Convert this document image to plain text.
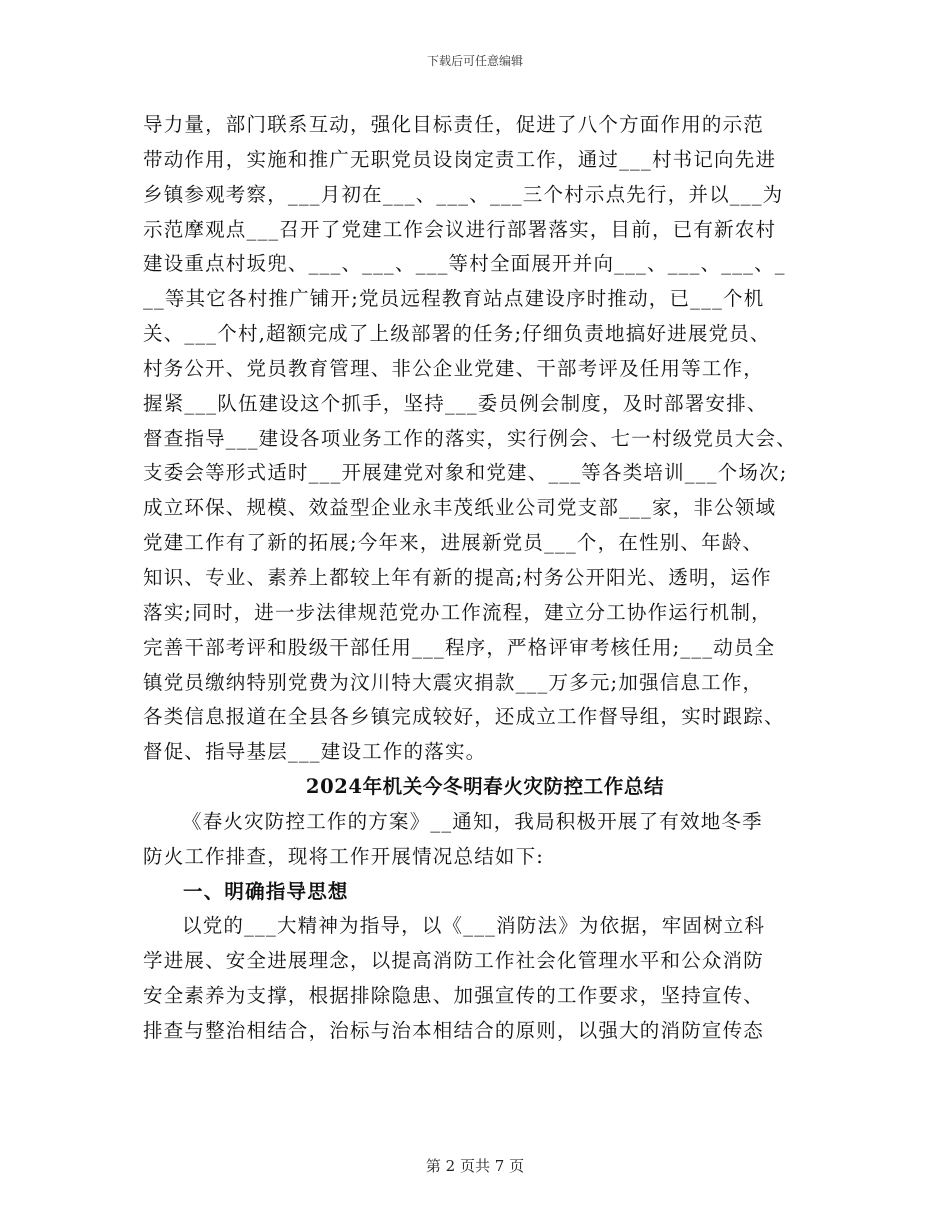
下载后可任意编辑
导力量，部门联系互动，强化目标责任，促进了八个方面作用的示范
带动作用，实施和推广无职党员设岗定责工作，通过___村书记向先进
乡镇参观考察，___月初在___、___、___三个村示点先行，并以___为
示范摩观点___召开了党建工作会议进行部署落实，目前，已有新农村
建设重点村坂兜、___、___、___等村全面展开并向___、___、___、_
__等其它各村推广铺开;党员远程教育站点建设序时推动，已___个机
关、___个村,超额完成了上级部署的任务;仔细负责地搞好进展党员、
村务公开、党员教育管理、非公企业党建、干部考评及任用等工作，
握紧___队伍建设这个抓手，坚持___委员例会制度，及时部署安排、
督查指导___建设各项业务工作的落实，实行例会、七一村级党员大会、
支委会等形式适时___开展建党对象和党建、___等各类培训___个场次;
成立环保、规模、效益型企业永丰茂纸业公司党支部___家，非公领域
党建工作有了新的拓展;今年来，进展新党员___个，在性别、年龄、
知识、专业、素养上都较上年有新的提高;村务公开阳光、透明，运作
落实;同时，进一步法律规范党办工作流程，建立分工协作运行机制，
完善干部考评和股级干部任用___程序，严格评审考核任用;___动员全
镇党员缴纳特别党费为汶川特大震灾捐款___万多元;加强信息工作，
各类信息报道在全县各乡镇完成较好，还成立工作督导组，实时跟踪、
督促、指导基层___建设工作的落实。
2024年机关今冬明春火灾防控工作总结
《春火灾防控工作的方案》__通知，我局积极开展了有效地冬季
防火工作排查，现将工作开展情况总结如下:
一、明确指导思想
以党的___大精神为指导，以《___消防法》为依据，牢固树立科
学进展、安全进展理念，以提高消防工作社会化管理水平和公众消防
安全素养为支撑，根据排除隐患、加强宣传的工作要求，坚持宣传、
排查与整治相结合，治标与治本相结合的原则，以强大的消防宣传态
第 2 页共 7 页
